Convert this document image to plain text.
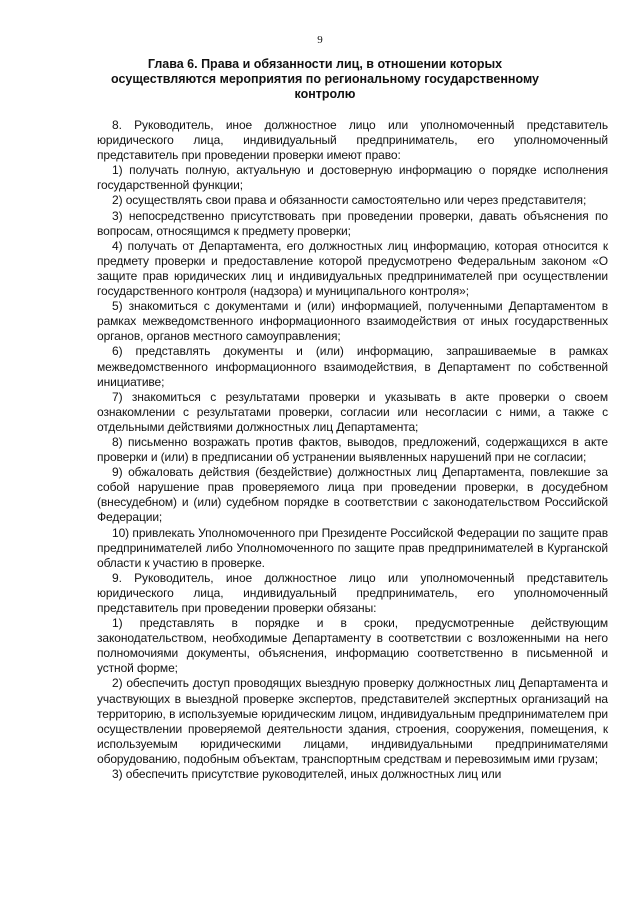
9
Глава 6. Права и обязанности лиц, в отношении которых осуществляются мероприятия по региональному государственному контролю

8. Руководитель, иное должностное лицо или уполномоченный представитель юридического лица, индивидуальный предприниматель, его уполномоченный представитель при проведении проверки имеют право:

1) получать полную, актуальную и достоверную информацию о порядке исполнения государственной функции;

2) осуществлять свои права и обязанности самостоятельно или через представителя;

3) непосредственно присутствовать при проведении проверки, давать объяснения по вопросам, относящимся к предмету проверки;

4) получать от Департамента, его должностных лиц информацию, которая относится к предмету проверки и предоставление которой предусмотрено Федеральным законом «О защите прав юридических лиц и индивидуальных предпринимателей при осуществлении государственного контроля (надзора) и муниципального контроля»;

5) знакомиться с документами и (или) информацией, полученными Департаментом в рамках межведомственного информационного взаимодействия от иных государственных органов, органов местного самоуправления;

6) представлять документы и (или) информацию, запрашиваемые в рамках межведомственного информационного взаимодействия, в Департамент по собственной инициативе;

7) знакомиться с результатами проверки и указывать в акте проверки о своем ознакомлении с результатами проверки, согласии или несогласии с ними, а также с отдельными действиями должностных лиц Департамента;

8) письменно возражать против фактов, выводов, предложений, содержащихся в акте проверки и (или) в предписании об устранении выявленных нарушений при не согласии;

9) обжаловать действия (бездействие) должностных лиц Департамента, повлекшие за собой нарушение прав проверяемого лица при проведении проверки, в досудебном (внесудебном) и (или) судебном порядке в соответствии с законодательством Российской Федерации;

10) привлекать Уполномоченного при Президенте Российской Федерации по защите прав предпринимателей либо Уполномоченного по защите прав предпринимателей в Курганской области к участию в проверке.

9. Руководитель, иное должностное лицо или уполномоченный представитель юридического лица, индивидуальный предприниматель, его уполномоченный представитель при проведении проверки обязаны:

1) представлять в порядке и в сроки, предусмотренные действующим законодательством, необходимые Департаменту в соответствии с возложенными на него полномочиями документы, объяснения, информацию соответственно в письменной и устной форме;

2) обеспечить доступ проводящих выездную проверку должностных лиц Департамента и участвующих в выездной проверке экспертов, представителей экспертных организаций на территорию, в используемые юридическим лицом, индивидуальным предпринимателем при осуществлении проверяемой деятельности здания, строения, сооружения, помещения, к используемым юридическими лицами, индивидуальными предпринимателями оборудованию, подобным объектам, транспортным средствам и перевозимым ими грузам;

3) обеспечить присутствие руководителей, иных должностных лиц или
